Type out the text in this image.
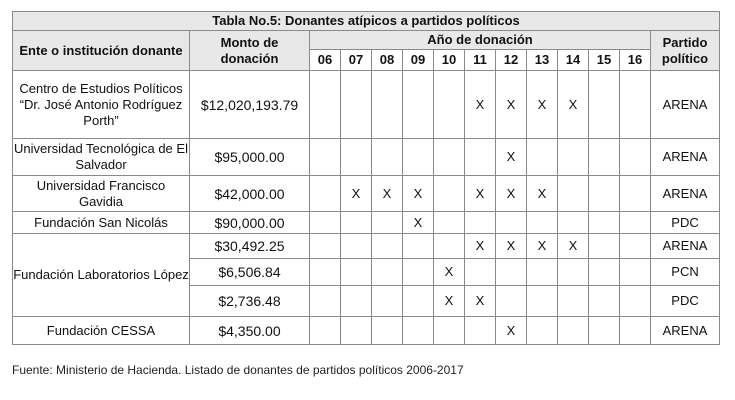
Tabla No.5: Donantes atípicos a partidos políticos													
Ente o institución donante	Monto de donación	Año de donación											Partido político
		06	07	08	09	10	11	12	13	14	15	16	
Centro de Estudios Políticos “Dr. José Antonio Rodríguez Porth”	$12,020,193.79						X	X	X	X			ARENA
Universidad Tecnológica de El Salvador	$95,000.00							X					ARENA
Universidad Francisco Gavidia	$42,000.00		X	X	X		X	X	X				ARENA
Fundación San Nicolás	$90,000.00				X								PDC
Fundación Laboratorios López	$30,492.25						X	X	X	X			ARENA
	$6,506.84					X							PCN
	$2,736.48					X	X						PDC
Fundación CESSA	$4,350.00							X					ARENA
Fuente: Ministerio de Hacienda. Listado de donantes de partidos políticos 2006-2017
